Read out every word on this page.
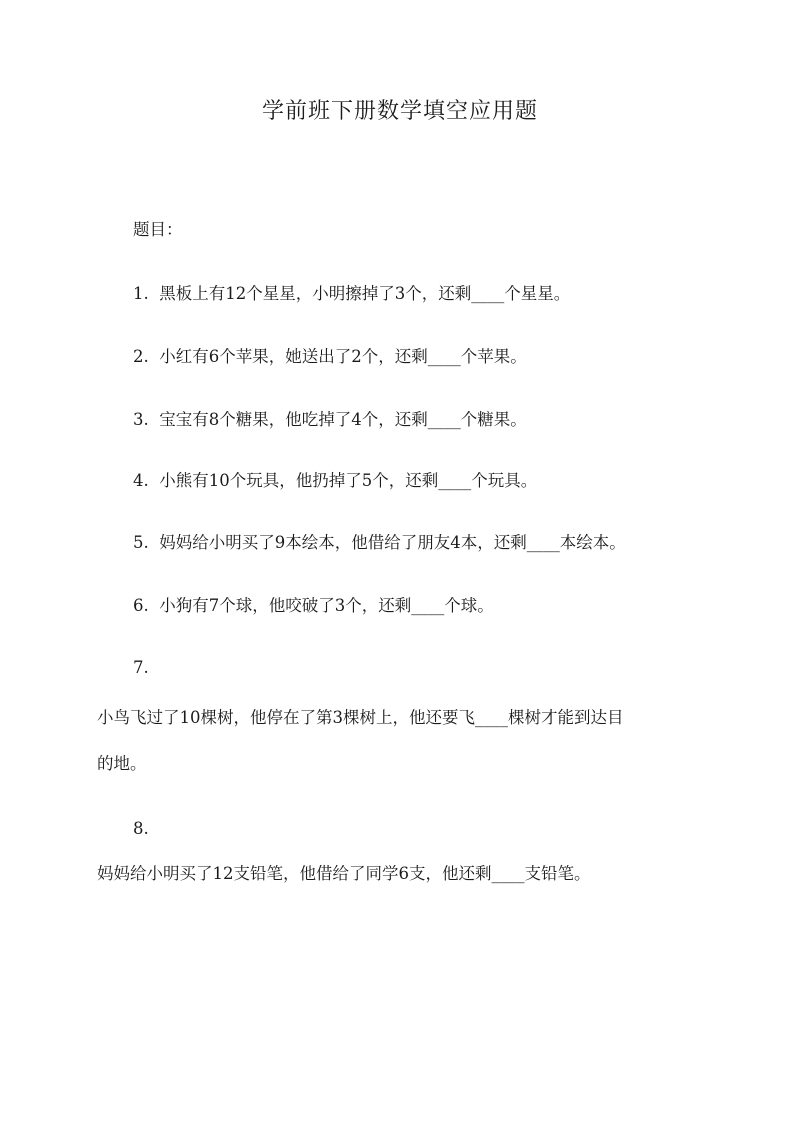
学前班下册数学填空应用题
题目：
1. 黑板上有12个星星，小明擦掉了3个，还剩____个星星。
2. 小红有6个苹果，她送出了2个，还剩____个苹果。
3. 宝宝有8个糖果，他吃掉了4个，还剩____个糖果。
4. 小熊有10个玩具，他扔掉了5个，还剩____个玩具。
5. 妈妈给小明买了9本绘本，他借给了朋友4本，还剩____本绘本。
6. 小狗有7个球，他咬破了3个，还剩____个球。
7.
小鸟飞过了10棵树，他停在了第3棵树上，他还要飞____棵树才能到达目
的地。
8.
妈妈给小明买了12支铅笔，他借给了同学6支，他还剩____支铅笔。
